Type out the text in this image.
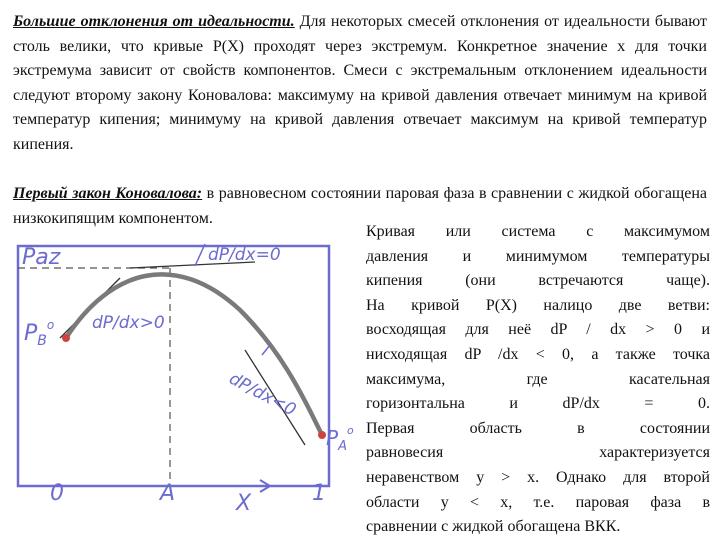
Большие отклонения от идеальности. Для некоторых смесей отклонения от идеальности бывают столь велики, что кривые P(X) проходят через экстремум. Конкретное значение x для точки экстремума зависит от свойств компонентов. Смеси с экстремальным отклонением идеальности следуют второму закону Коновалова: максимуму на кривой давления отвечает минимум на кривой температур кипения; минимуму на кривой давления отвечает максимум на кривой температур кипения.

Первый закон Коновалова: в равновесном состоянии паровая фаза в сравнении с жидкой обогащена низкокипящим компонентом.

Кривая или система с максимумом
давления и минимумом температуры
кипения (они встречаются чаще).
На кривой P(X) налицо две ветви:
восходящая для неё dP / dx > 0 и
нисходящая dP /dx < 0, а также точка
максимума, где касательная
горизонтальна и dP/dx = 0.
Первая область в состоянии
равновесия характеризуется
неравенством y > x. Однако для второй
области y < x, т.е. паровая фаза в
сравнении с жидкой обогащена ВКК.
Paz
$P_B^o$
$P_A^o$
dP/dx=0
dP/dx>0
dP/dx<0
0	A	X	1
